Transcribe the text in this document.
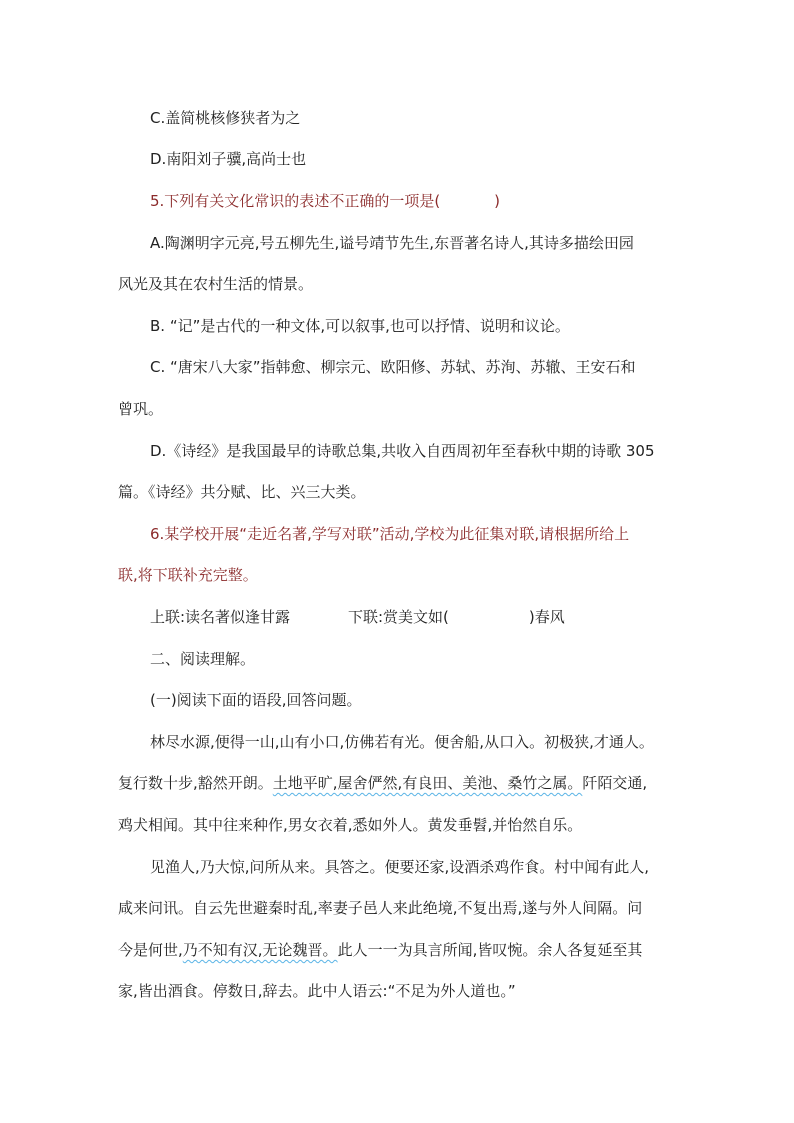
C.盖简桃核修狭者为之
D.南阳刘子骥,高尚士也
5.下列有关文化常识的表述不正确的一项是(	)
A.陶渊明字元亮,号五柳先生,谥号靖节先生,东晋著名诗人,其诗多描绘田园
风光及其在农村生活的情景。
B. “记”是古代的一种文体,可以叙事,也可以抒情、说明和议论。
C. “唐宋八大家”指韩愈、柳宗元、欧阳修、苏轼、苏洵、苏辙、王安石和
曾巩。
D.《诗经》是我国最早的诗歌总集,共收入自西周初年至春秋中期的诗歌 305
篇。《诗经》共分赋、比、兴三大类。
6.某学校开展“走近名著,学写对联”活动,学校为此征集对联,请根据所给上
联,将下联补充完整。
上联:读名著似逢甘露	下联:赏美文如(	)春风
二、阅读理解。
(一)阅读下面的语段,回答问题。
林尽水源,便得一山,山有小口,仿佛若有光。便舍船,从口入。初极狭,才通人。
复行数十步,豁然开朗。土地平旷,屋舍俨然,有良田、美池、桑竹之属。阡陌交通,
鸡犬相闻。其中往来种作,男女衣着,悉如外人。黄发垂髫,并怡然自乐。
见渔人,乃大惊,问所从来。具答之。便要还家,设酒杀鸡作食。村中闻有此人,
咸来问讯。自云先世避秦时乱,率妻子邑人来此绝境,不复出焉,遂与外人间隔。问
今是何世,乃不知有汉,无论魏晋。此人一一为具言所闻,皆叹惋。余人各复延至其
家,皆出酒食。停数日,辞去。此中人语云:“不足为外人道也。”
